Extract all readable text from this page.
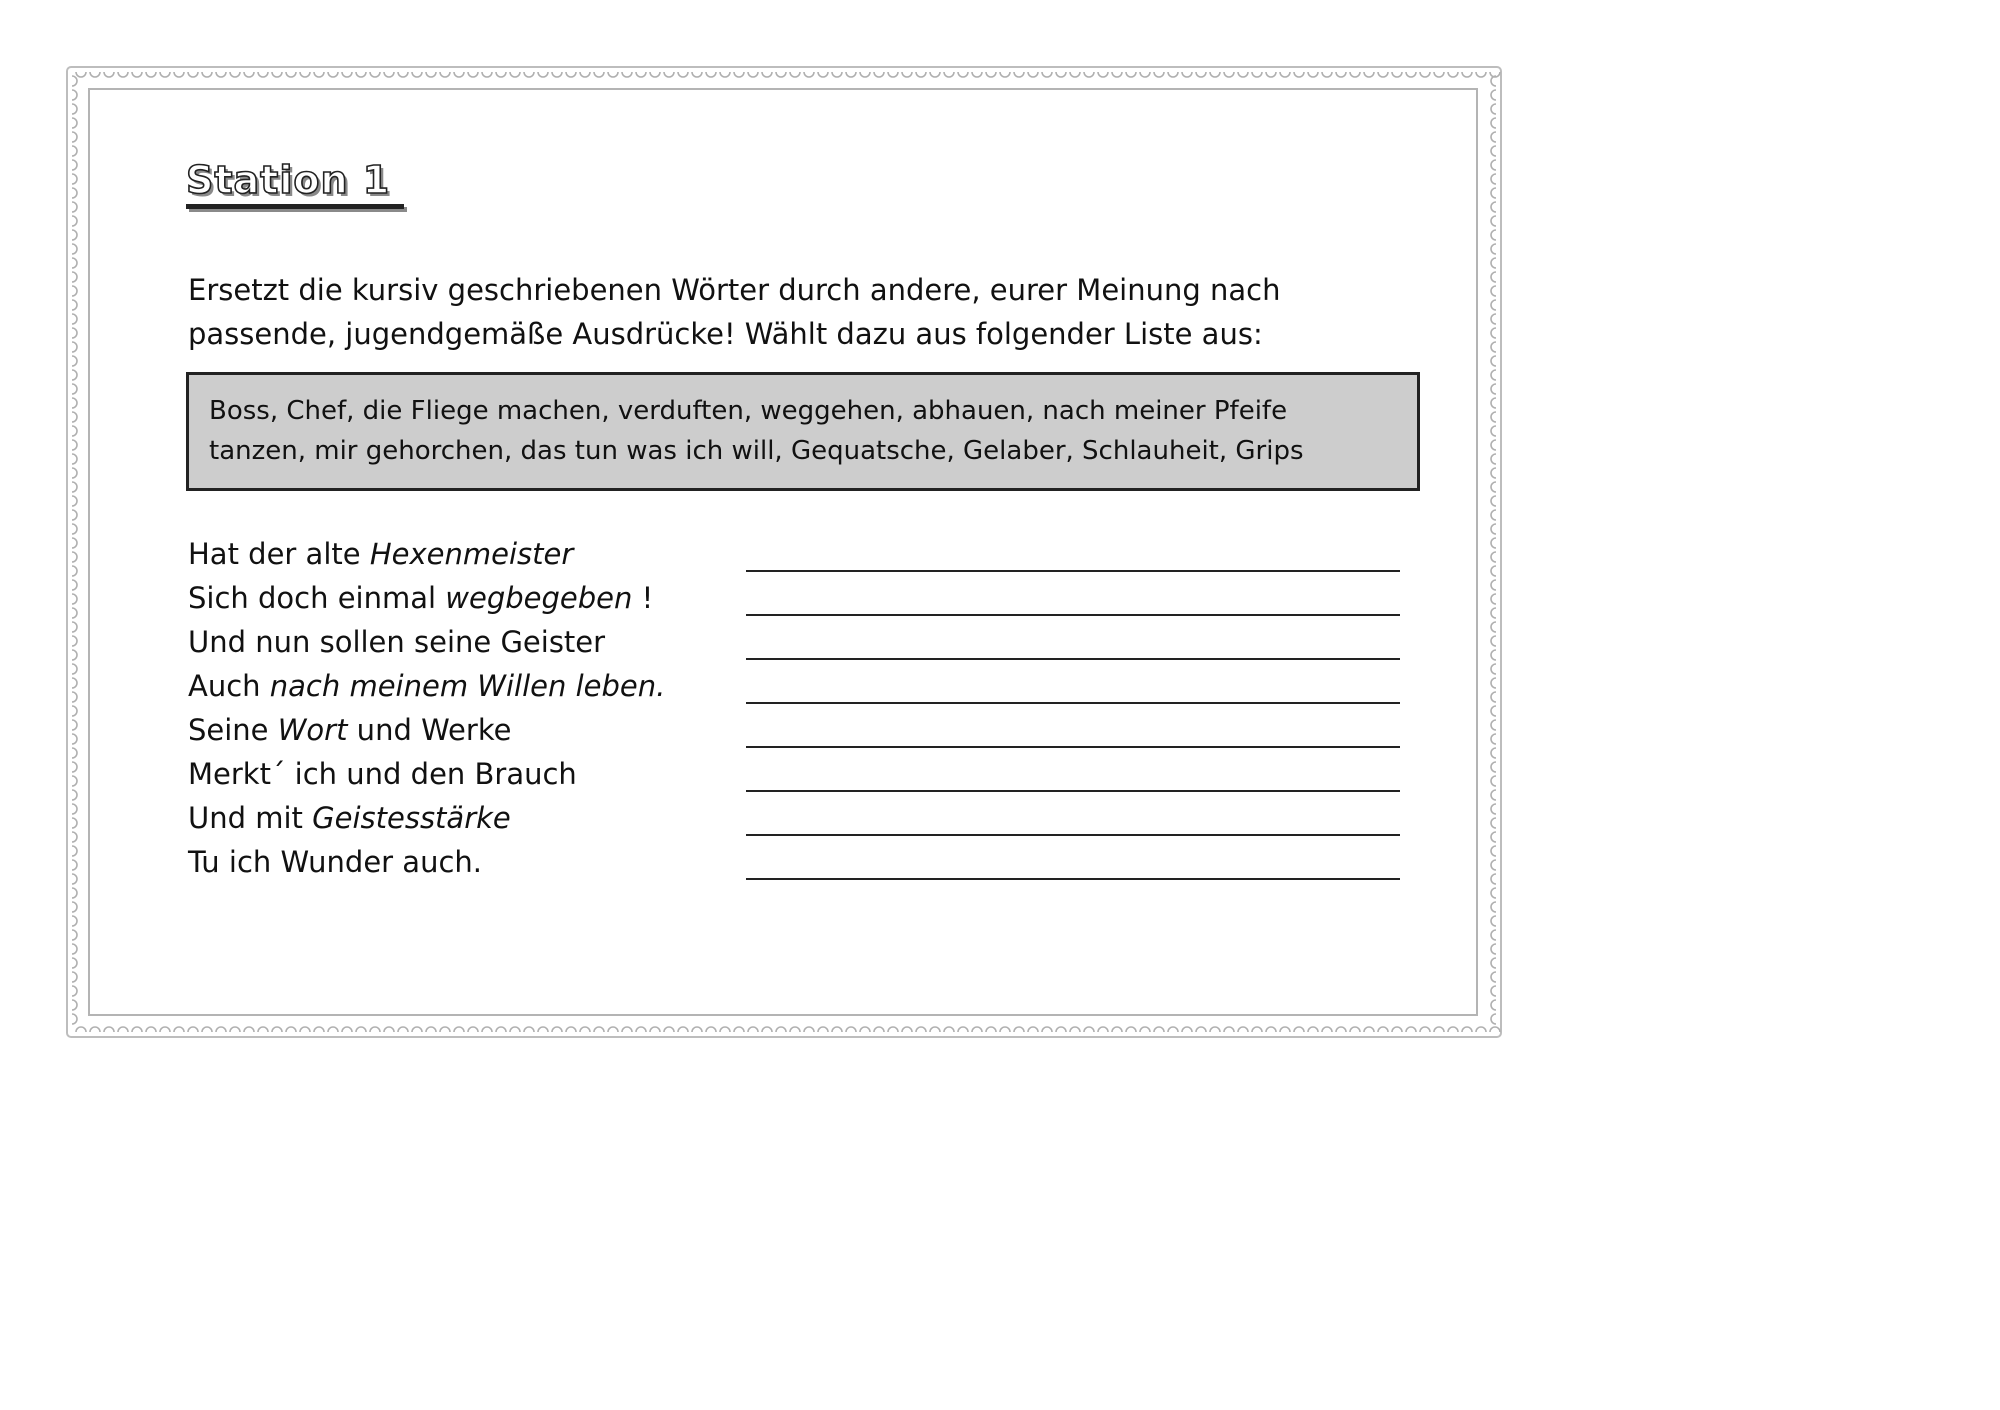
Station 1

Ersetzt die kursiv geschriebenen Wörter durch andere, eurer Meinung nach
passende, jugendgemäße Ausdrücke! Wählt dazu aus folgender Liste aus:

Boss, Chef, die Fliege machen, verduften, weggehen, abhauen, nach meiner Pfeife
tanzen, mir gehorchen, das tun was ich will, Gequatsche, Gelaber, Schlauheit, Grips
Hat der alte Hexenmeister
Sich doch einmal wegbegeben !
Und nun sollen seine Geister
Auch nach meinem Willen leben.
Seine Wort und Werke
Merkt´ ich und den Brauch
Und mit Geistesstärke
Tu ich Wunder auch.
